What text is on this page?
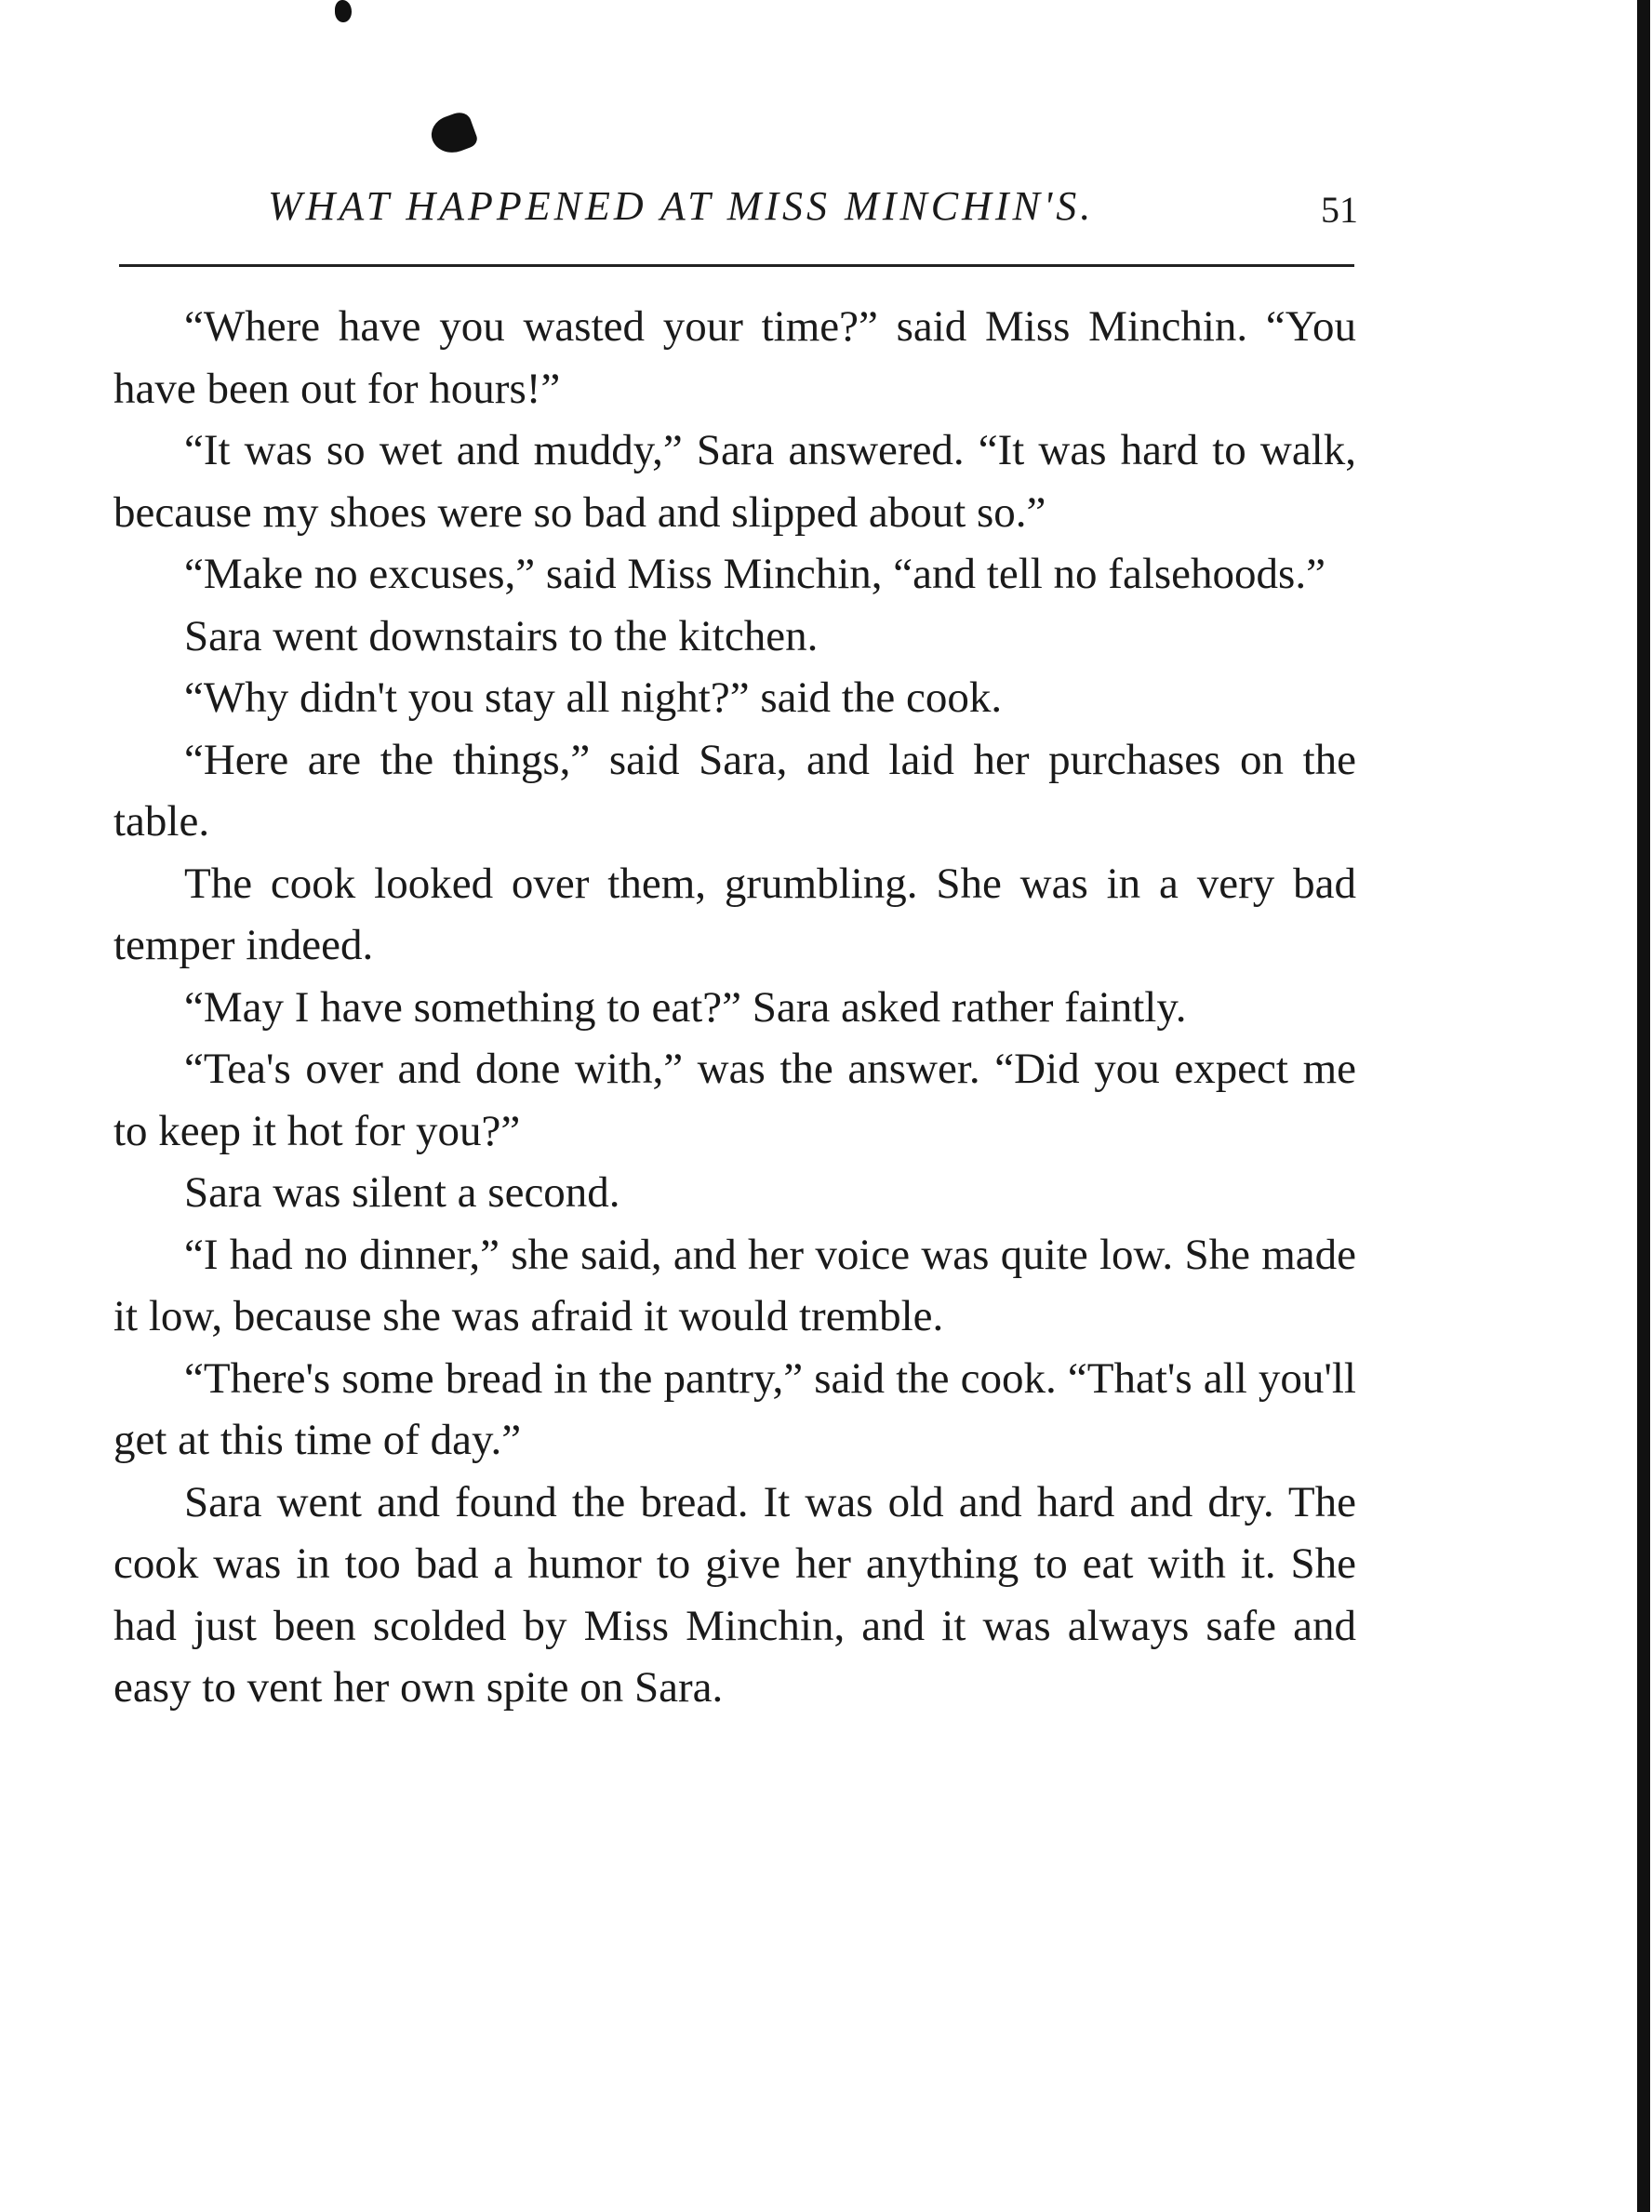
WHAT HAPPENED AT MISS MINCHIN'S.	51

“Where have you wasted your time?” said Miss Minchin. “You have been out for hours!”

“It was so wet and muddy,” Sara answered. “It was hard to walk, because my shoes were so bad and slipped about so.”

“Make no excuses,” said Miss Minchin, “and tell no falsehoods.”

Sara went downstairs to the kitchen.

“Why didn't you stay all night?” said the cook.

“Here are the things,” said Sara, and laid her purchases on the table.

The cook looked over them, grumbling. She was in a very bad temper indeed.

“May I have something to eat?” Sara asked rather faintly.

“Tea's over and done with,” was the answer. “Did you expect me to keep it hot for you?”

Sara was silent a second.

“I had no dinner,” she said, and her voice was quite low. She made it low, because she was afraid it would tremble.

“There's some bread in the pantry,” said the cook. “That's all you'll get at this time of day.”

Sara went and found the bread. It was old and hard and dry. The cook was in too bad a humor to give her anything to eat with it. She had just been scolded by Miss Minchin, and it was always safe and easy to vent her own spite on Sara.
